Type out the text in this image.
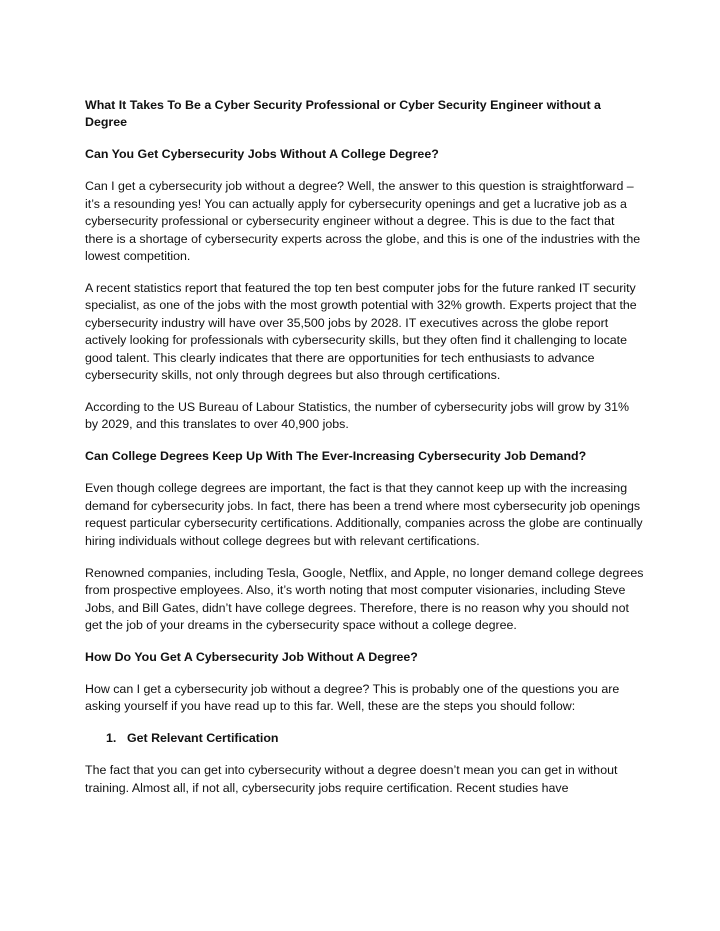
What It Takes To Be a Cyber Security Professional or Cyber Security Engineer without a Degree

Can You Get Cybersecurity Jobs Without A College Degree?

Can I get a cybersecurity job without a degree? Well, the answer to this question is straightforward – it’s a resounding yes! You can actually apply for cybersecurity openings and get a lucrative job as a cybersecurity professional or cybersecurity engineer without a degree. This is due to the fact that there is a shortage of cybersecurity experts across the globe, and this is one of the industries with the lowest competition.

A recent statistics report that featured the top ten best computer jobs for the future ranked IT security specialist, as one of the jobs with the most growth potential with 32% growth. Experts project that the cybersecurity industry will have over 35,500 jobs by 2028. IT executives across the globe report actively looking for professionals with cybersecurity skills, but they often find it challenging to locate good talent. This clearly indicates that there are opportunities for tech enthusiasts to advance cybersecurity skills, not only through degrees but also through certifications.

According to the US Bureau of Labour Statistics, the number of cybersecurity jobs will grow by 31% by 2029, and this translates to over 40,900 jobs.

Can College Degrees Keep Up With The Ever-Increasing Cybersecurity Job Demand?

Even though college degrees are important, the fact is that they cannot keep up with the increasing demand for cybersecurity jobs. In fact, there has been a trend where most cybersecurity job openings request particular cybersecurity certifications. Additionally, companies across the globe are continually hiring individuals without college degrees but with relevant certifications.

Renowned companies, including Tesla, Google, Netflix, and Apple, no longer demand college degrees from prospective employees. Also, it’s worth noting that most computer visionaries, including Steve Jobs, and Bill Gates, didn’t have college degrees. Therefore, there is no reason why you should not get the job of your dreams in the cybersecurity space without a college degree.

How Do You Get A Cybersecurity Job Without A Degree?

How can I get a cybersecurity job without a degree? This is probably one of the questions you are asking yourself if you have read up to this far. Well, these are the steps you should follow:

1. Get Relevant Certification

The fact that you can get into cybersecurity without a degree doesn’t mean you can get in without training. Almost all, if not all, cybersecurity jobs require certification. Recent studies have
